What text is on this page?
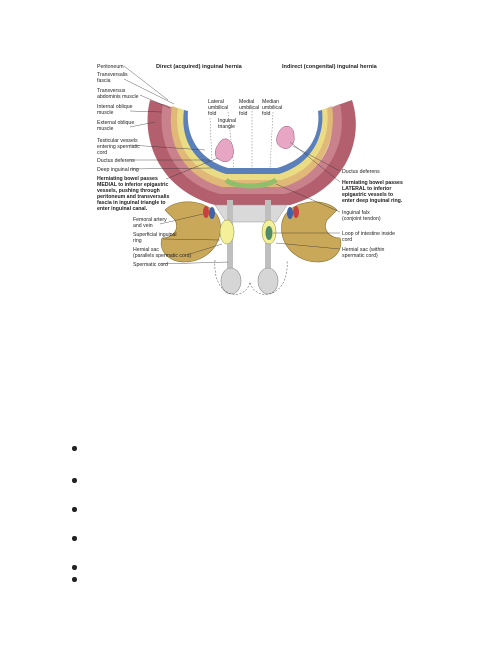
Direct (acquired) inguinal hernia	Indirect (congenital) inguinal hernia
Lateral umbilical fold
Inguinal triangle
Medial umbilical fold
Median umbilical fold
Peritoneum
Transversalis fascia
Transversus abdominis muscle
Internal oblique muscle
External oblique muscle
Testicular vessels entering spermatic cord
Ductus deferens
Deep inguinal ring
Herniating bowel passes MEDIAL to inferior epigastric vessels, pushing through peritoneum and transversalis fascia in inguinal triangle to enter inguinal canal.
Femoral artery and vein
Superficial inguinal ring
Hernial sac (parallels spermatic cord)
Spermatic cord
Ductus deferens
Herniating bowel passes LATERAL to inferior epigastric vessels to enter deep inguinal ring.
Inguinal falx (conjoint tendon)
Loop of intestine inside cord
Hernial sac (within spermatic cord)
